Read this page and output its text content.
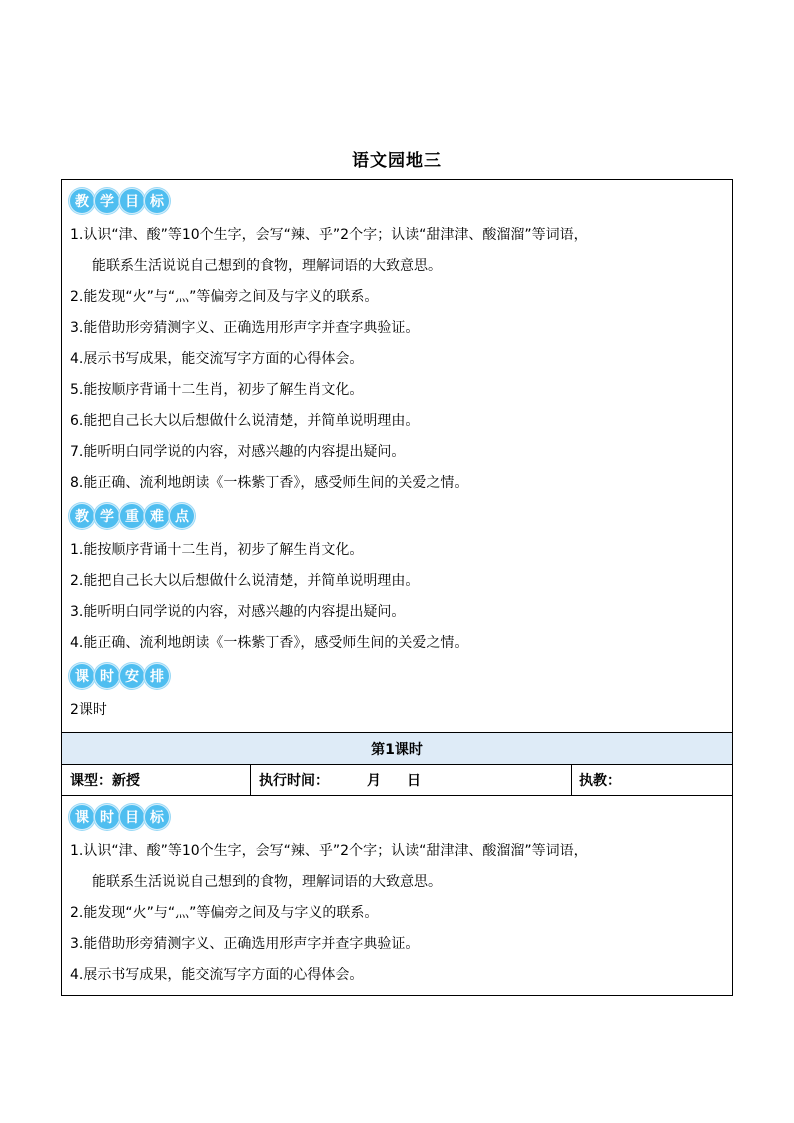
语文园地三
教 学 目 标
1.认识“津、酸”等10个生字，会写“辣、乎”2个字；认读“甜津津、酸溜溜”等词语，
能联系生活说说自己想到的食物，理解词语的大致意思。
2.能发现“火”与“灬”等偏旁之间及与字义的联系。
3.能借助形旁猜测字义、正确选用形声字并查字典验证。
4.展示书写成果，能交流写字方面的心得体会。
5.能按顺序背诵十二生肖，初步了解生肖文化。
6.能把自己长大以后想做什么说清楚，并简单说明理由。
7.能听明白同学说的内容，对感兴趣的内容提出疑问。
8.能正确、流利地朗读《一株紫丁香》，感受师生间的关爱之情。
教 学 重 难 点
1.能按顺序背诵十二生肖，初步了解生肖文化。
2.能把自己长大以后想做什么说清楚，并简单说明理由。
3.能听明白同学说的内容，对感兴趣的内容提出疑问。
4.能正确、流利地朗读《一株紫丁香》，感受师生间的关爱之情。
课 时 安 排
2课时
第1课时
课型：新授	执行时间：	月 日	执教：
课 时 目 标
1.认识“津、酸”等10个生字，会写“辣、乎”2个字；认读“甜津津、酸溜溜”等词语，
能联系生活说说自己想到的食物，理解词语的大致意思。
2.能发现“火”与“灬”等偏旁之间及与字义的联系。
3.能借助形旁猜测字义、正确选用形声字并查字典验证。
4.展示书写成果，能交流写字方面的心得体会。
